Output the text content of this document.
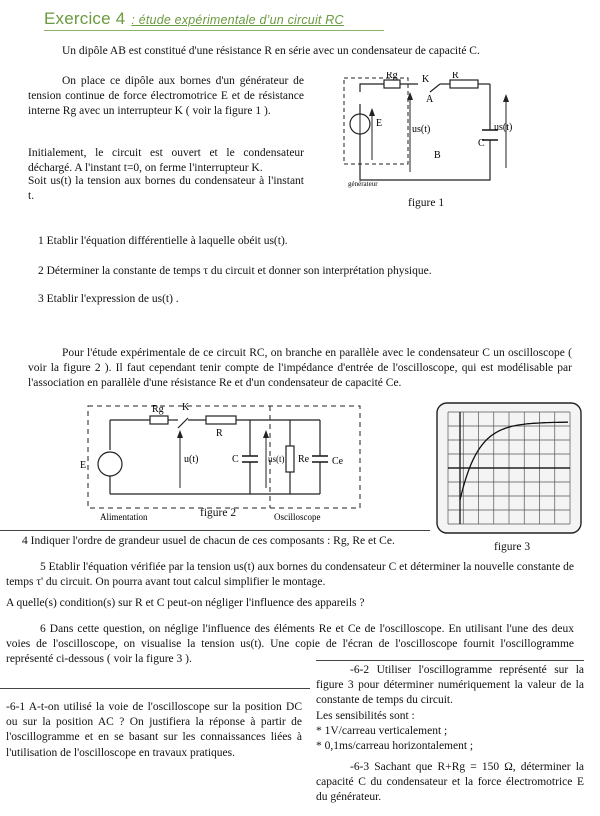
Exercice 4 : étude expérimentale d’un circuit RC

Un dipôle AB est constitué d'une résistance R en série avec un condensateur de capacité C.

On place ce dipôle aux bornes d'un générateur de tension continue de force électromotrice E et de résistance interne Rg avec un interrupteur K ( voir la figure 1 ).

Initialement, le circuit est ouvert et le condensateur déchargé. A l'instant t=0, on ferme l'interrupteur K.

Soit us(t) la tension aux bornes du condensateur à l'instant t.

Rg K
A
R
C
E
us(t)	us(t)
B
générateur
figure 1

1 Etablir l'équation différentielle à laquelle obéit us(t).

2 Déterminer la constante de temps τ du circuit et donner son interprétation physique.

3 Etablir l'expression de us(t) .

Pour l'étude expérimentale de ce circuit RC, on branche en parallèle avec le condensateur C un oscilloscope ( voir la figure 2 ). Il faut cependant tenir compte de l'impédance d'entrée de l'oscilloscope, qui est modélisable par l'association en parallèle d'une résistance Re et d'un condensateur de capacité Ce.

Rg K
R
C
E
u(t)	us(t) Re Ce
Alimentation	Oscilloscope
figure 2
figure 3

4 Indiquer l'ordre de grandeur usuel de chacun de ces composants : Rg, Re et Ce.

5 Etablir l'équation vérifiée par la tension us(t) aux bornes du condensateur C et déterminer la nouvelle constante de temps τ' du circuit. On pourra avant tout calcul simplifier le montage.

A quelle(s) condition(s) sur R et C peut-on négliger l'influence des appareils ?

6 Dans cette question, on néglige l'influence des éléments Re et Ce de l'oscilloscope. En utilisant l'une des deux voies de l'oscilloscope, on visualise la tension us(t). Une copie de l'écran de l'oscilloscope fournit l'oscillogramme représenté ci-dessous ( voir la figure 3 ).

-6-1 A-t-on utilisé la voie de l'oscilloscope sur la position DC ou sur la position AC ? On justifiera la réponse à partir de l'oscillogramme et en se basant sur les connaissances liées à l'utilisation de l'oscilloscope en travaux pratiques.

-6-2 Utiliser l'oscillogramme représenté sur la figure 3 pour déterminer numériquement la valeur de la constante de temps du circuit.

Les sensibilités sont :

* 1V/carreau verticalement ;

* 0,1ms/carreau horizontalement ;

-6-3 Sachant que R+Rg = 150 Ω, déterminer la capacité C du condensateur et la force électromotrice E du générateur.
